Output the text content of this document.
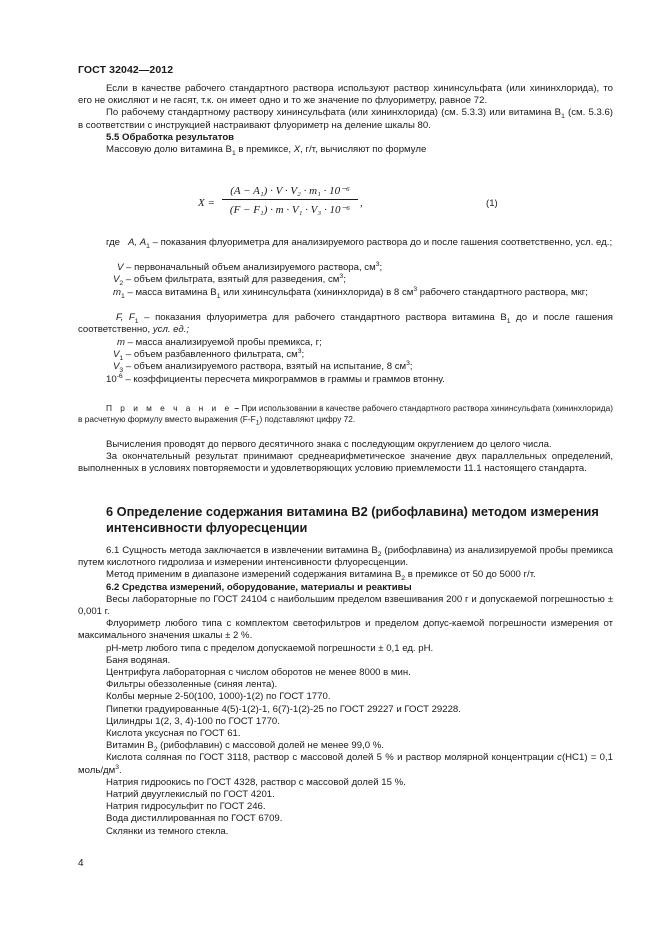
ГОСТ 32042—2012

Если в качестве рабочего стандартного раствора используют раствор хининсульфата (или хининхлорида), то его не окисляют и не гасят, т.к. он имеет одно и то же значение по флуориметру, равное 72.

По рабочему стандартному раствору хининсульфата (или хининхлорида) (см. 5.3.3) или витамина $В_1$ (см. 5.3.6) в соответствии с инструкцией настраивают флуориметр на деление шкалы 80.

5.5 Обработка результатов

Массовую долю витамина $В_1$ в премиксе, X, г/т, вычисляют по формуле

X =
(A − A₁) · V · V₂ · m₁ · 10⁻⁶
(F − F₁) · m · V₁ · V₃ · 10⁻⁶
,	(1)

где А, $А_1$ – показания флуориметра для анализируемого раствора до и после гашения соответственно, усл. ед.;

V – первоначальный объем анализируемого раствора, $см^3$;
$V_2$ – объем фильтрата, взятый для разведения, $см^3$;

$m_1$ – масса витамина $В_1$ или хининсульфата (хининхлорида) в 8 $см^3$ рабочего стандартного раствора, мкг;

F, $F_1$ – показания флуориметра для рабочего стандартного раствора витамина $В_1$ до и после гашения соответственно, усл. ед.;

m – масса анализируемой пробы премикса, г;
$V_1$ – объем разбавленного фильтрата, $см^3$;
$V_3$ – объем анализируемого раствора, взятый на испытание, 8 $см^3$;
$10^{-6}$ – коэффициенты пересчета микрограммов в граммы и граммов втонну.
П р и м е ч а н и е – При использовании в качестве рабочего стандартного раствора хининсульфата (хининхлорида) в расчетную формулу вместо выражения $(F-F_1)$ подставляют цифру 72.

Вычисления проводят до первого десятичного знака с последующим округлением до целого числа.

За окончательный результат принимают среднеарифметическое значение двух параллельных определений, выполненных в условиях повторяемости и удовлетворяющих условию приемлемости 11.1 настоящего стандарта.

6 Определение содержания витамина В2 (рибофлавина) методом измерения интенсивности флуоресценции

6.1 Сущность метода заключается в извлечении витамина $В_2$ (рибофлавина) из анализируемой пробы премикса путем кислотного гидролиза и измерении интенсивности флуоресценции.

Метод применим в диапазоне измерений содержания витамина $В_2$ в премиксе от 50 до 5000 г/т.

6.2 Средства измерений, оборудование, материалы и реактивы

Весы лабораторные по ГОСТ 24104 с наибольшим пределом взвешивания 200 г и допускаемой погрешностью ± 0,001 г.

Флуориметр любого типа с комплектом светофильтров и пределом допус-каемой погрешности измерения от максимального значения шкалы ± 2 %.

рН-метр любого типа с пределом допускаемой погрешности ± 0,1 ед. рН.

Баня водяная.

Центрифуга лабораторная с числом оборотов не менее 8000 в мин.

Фильтры обеззоленные (синяя лента).

Колбы мерные 2-50(100, 1000)-1(2) по ГОСТ 1770.

Пипетки градуированные 4(5)-1(2)-1, 6(7)-1(2)-25 по ГОСТ 29227 и ГОСТ 29228.

Цилиндры 1(2, 3, 4)-100 по ГОСТ 1770.

Кислота уксусная по ГОСТ 61.

Витамин $В_2$ (рибофлавин) с массовой долей не менее 99,0 %.

Кислота соляная по ГОСТ 3118, раствор с массовой долей 5 % и раствор молярной концентрации c(НС1) = 0,1 моль/$дм^3$.

Натрия гидроокись по ГОСТ 4328, раствор с массовой долей 15 %.

Натрий двууглекислый по ГОСТ 4201.

Натрия гидросульфит по ГОСТ 246.

Вода дистиллированная по ГОСТ 6709.

Склянки из темного стекла.

4
